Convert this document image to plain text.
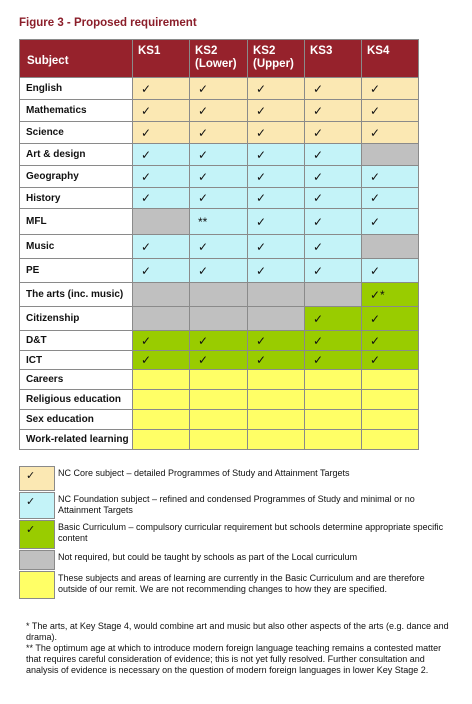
Figure 3 - Proposed requirement
Subject	KS1	KS2 (Lower)	KS2 (Upper)	KS3	KS4
English	✓	✓	✓	✓	✓
Mathematics	✓	✓	✓	✓	✓
Science	✓	✓	✓	✓	✓
Art & design	✓	✓	✓	✓	
Geography	✓	✓	✓	✓	✓
History	✓	✓	✓	✓	✓
MFL		**	✓	✓	✓
Music	✓	✓	✓	✓	
PE	✓	✓	✓	✓	✓
The arts (inc. music)					✓*
Citizenship				✓	✓
D&T	✓	✓	✓	✓	✓
ICT	✓	✓	✓	✓	✓
Careers					
Religious education					
Sex education					
Work-related learning					
✓	NC Core subject – detailed Programmes of Study and Attainment Targets
✓	NC Foundation subject – refined and condensed Programmes of Study and minimal or no Attainment Targets
✓	Basic Curriculum – compulsory curricular requirement but schools determine appropriate specific content
Not required, but could be taught by schools as part of the Local curriculum
These subjects and areas of learning are currently in the Basic Curriculum and are therefore outside of our remit. We are not recommending changes to how they are specified.

* The arts, at Key Stage 4, would combine art and music but also other aspects of the arts (e.g. dance and drama).

** The optimum age at which to introduce modern foreign language teaching remains a contested matter that requires careful consideration of evidence; this is not yet fully resolved. Further consultation and analysis of evidence is necessary on the question of modern foreign languages in lower Key Stage 2.
